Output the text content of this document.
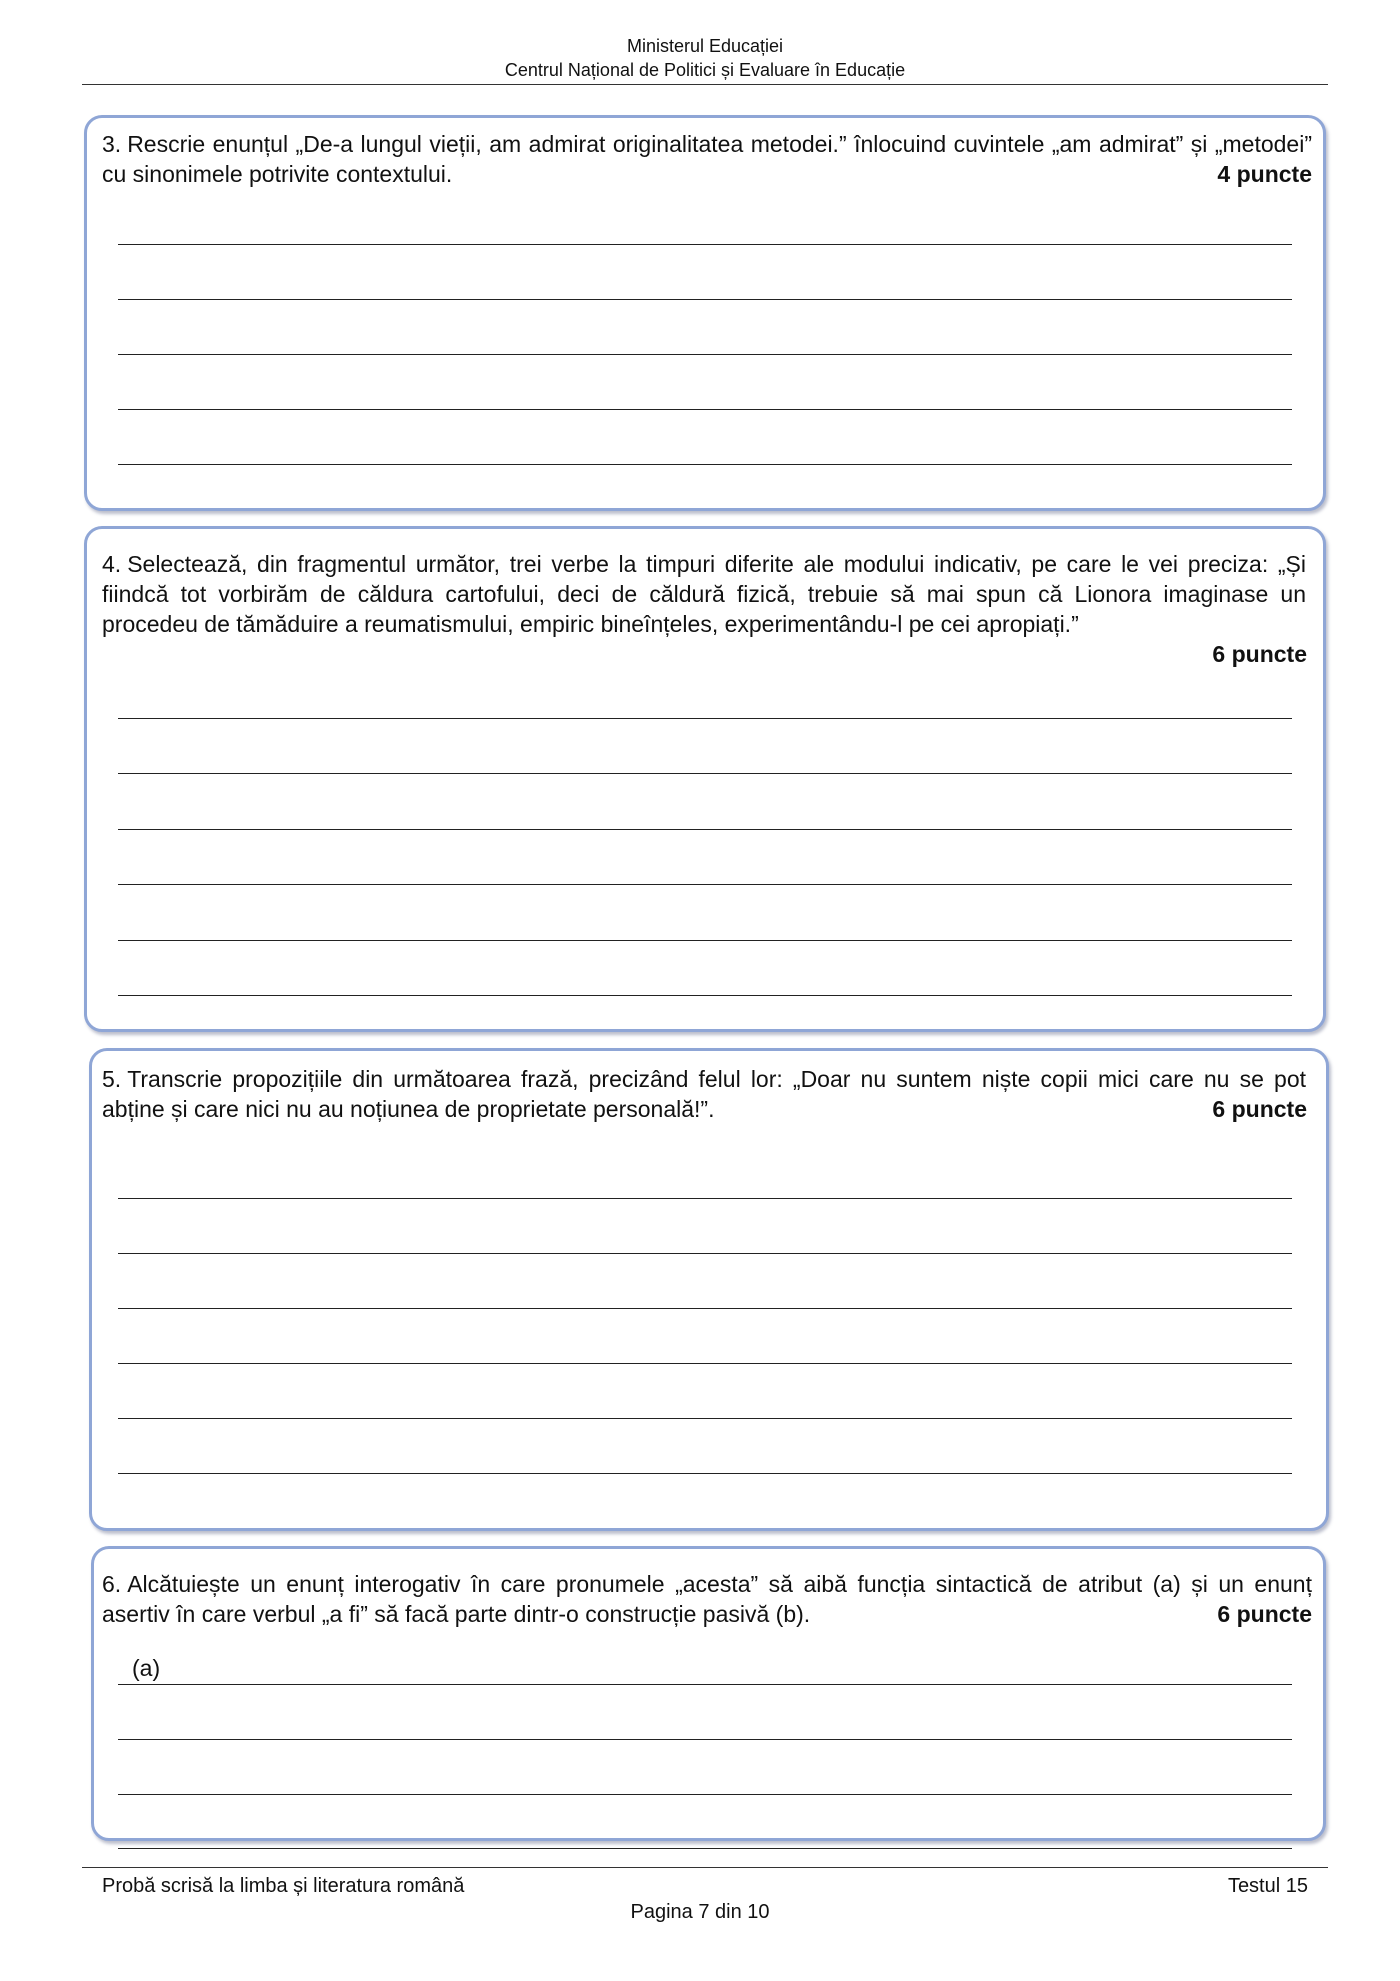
Ministerul Educației
Centrul Național de Politici și Evaluare în Educație
3. Rescrie enunțul „De-a lungul vieții, am admirat originalitatea metodei.” înlocuind cuvintele „am admirat” și „metodei” cu sinonimele potrivite contextului.	4 puncte
4. Selectează, din fragmentul următor, trei verbe la timpuri diferite ale modului indicativ, pe care le vei preciza: „Și fiindcă tot vorbirăm de căldura cartofului, deci de căldură fizică, trebuie să mai spun că Lionora imaginase un procedeu de tămăduire a reumatismului, empiric bineînțeles, experimentându-l pe cei apropiați.”
6 puncte
5. Transcrie propozițiile din următoarea frază, precizând felul lor: „Doar nu suntem niște copii mici care nu se pot abține și care nici nu au noțiunea de proprietate personală!”.	6 puncte
6. Alcătuiește un enunț interogativ în care pronumele „acesta” să aibă funcția sintactică de atribut (a) și un enunț asertiv în care verbul „a fi” să facă parte dintr-o construcție pasivă (b).	6 puncte
(a)
Probă scrisă la limba și literatura română	Testul 15
Pagina 7 din 10
